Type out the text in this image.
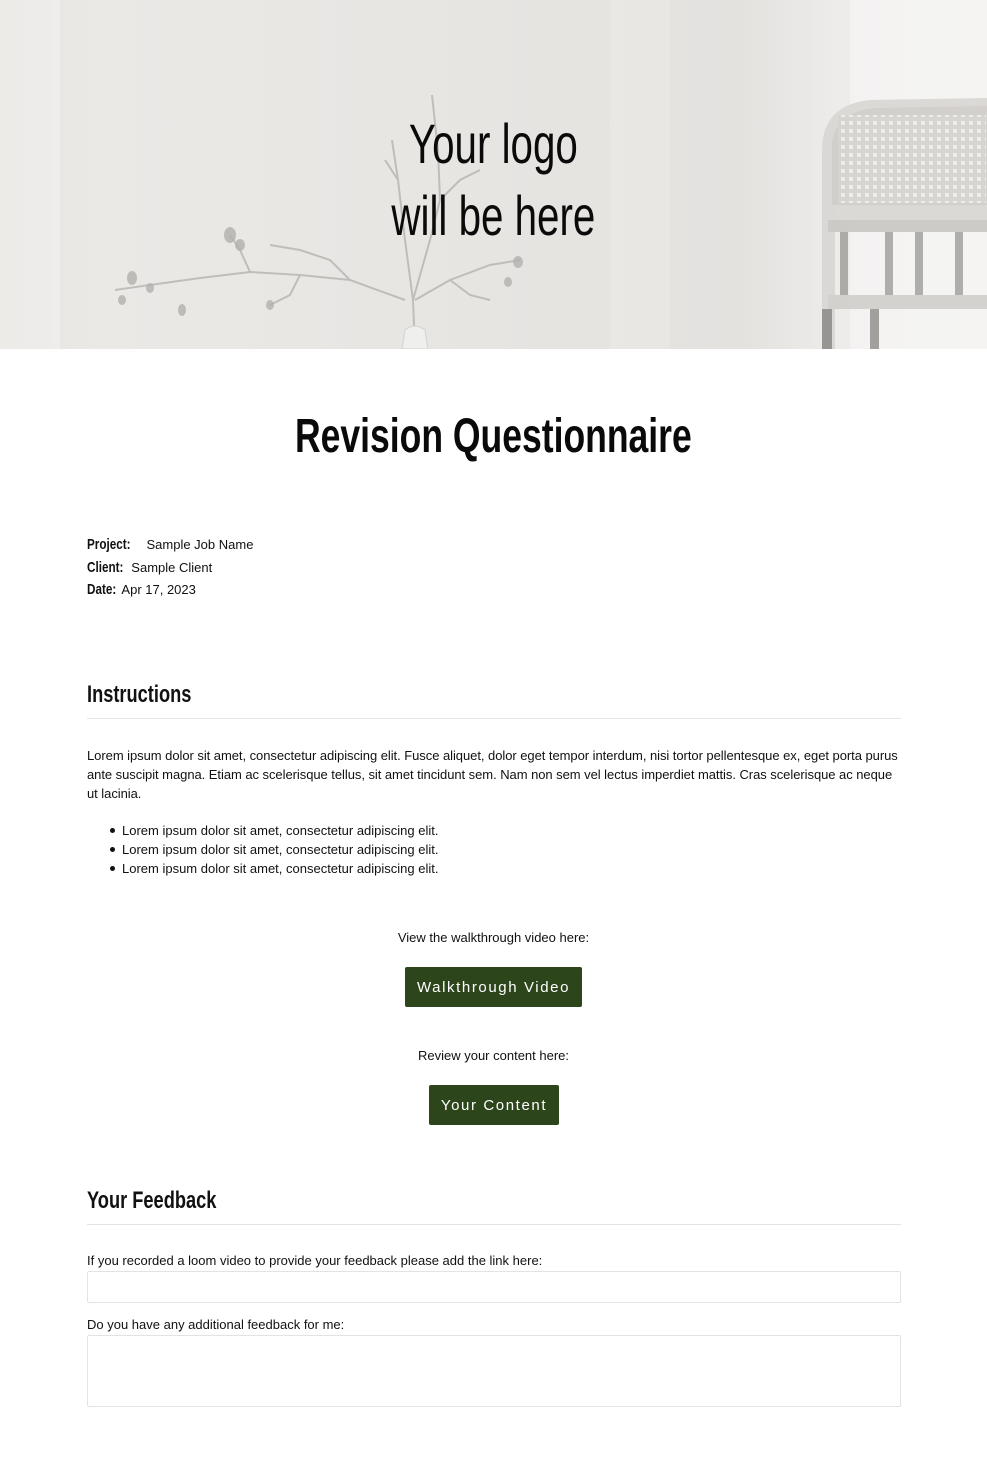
Your logo
will be here
Revision Questionnaire
Project: Sample Job Name
Client: Sample Client
Date: Apr 17, 2023
Instructions

Lorem ipsum dolor sit amet, consectetur adipiscing elit. Fusce aliquet, dolor eget tempor interdum, nisi tortor pellentesque ex, eget porta purus ante suscipit magna. Etiam ac scelerisque tellus, sit amet tincidunt sem. Nam non sem vel lectus imperdiet mattis. Cras scelerisque ac neque ut lacinia.

Lorem ipsum dolor sit amet, consectetur adipiscing elit.
Lorem ipsum dolor sit amet, consectetur adipiscing elit.
Lorem ipsum dolor sit amet, consectetur adipiscing elit.
View the walkthrough video here:
Walkthrough Video
Review your content here:
Your Content
Your Feedback
If you recorded a loom video to provide your feedback please add the link here:
Do you have any additional feedback for me:
